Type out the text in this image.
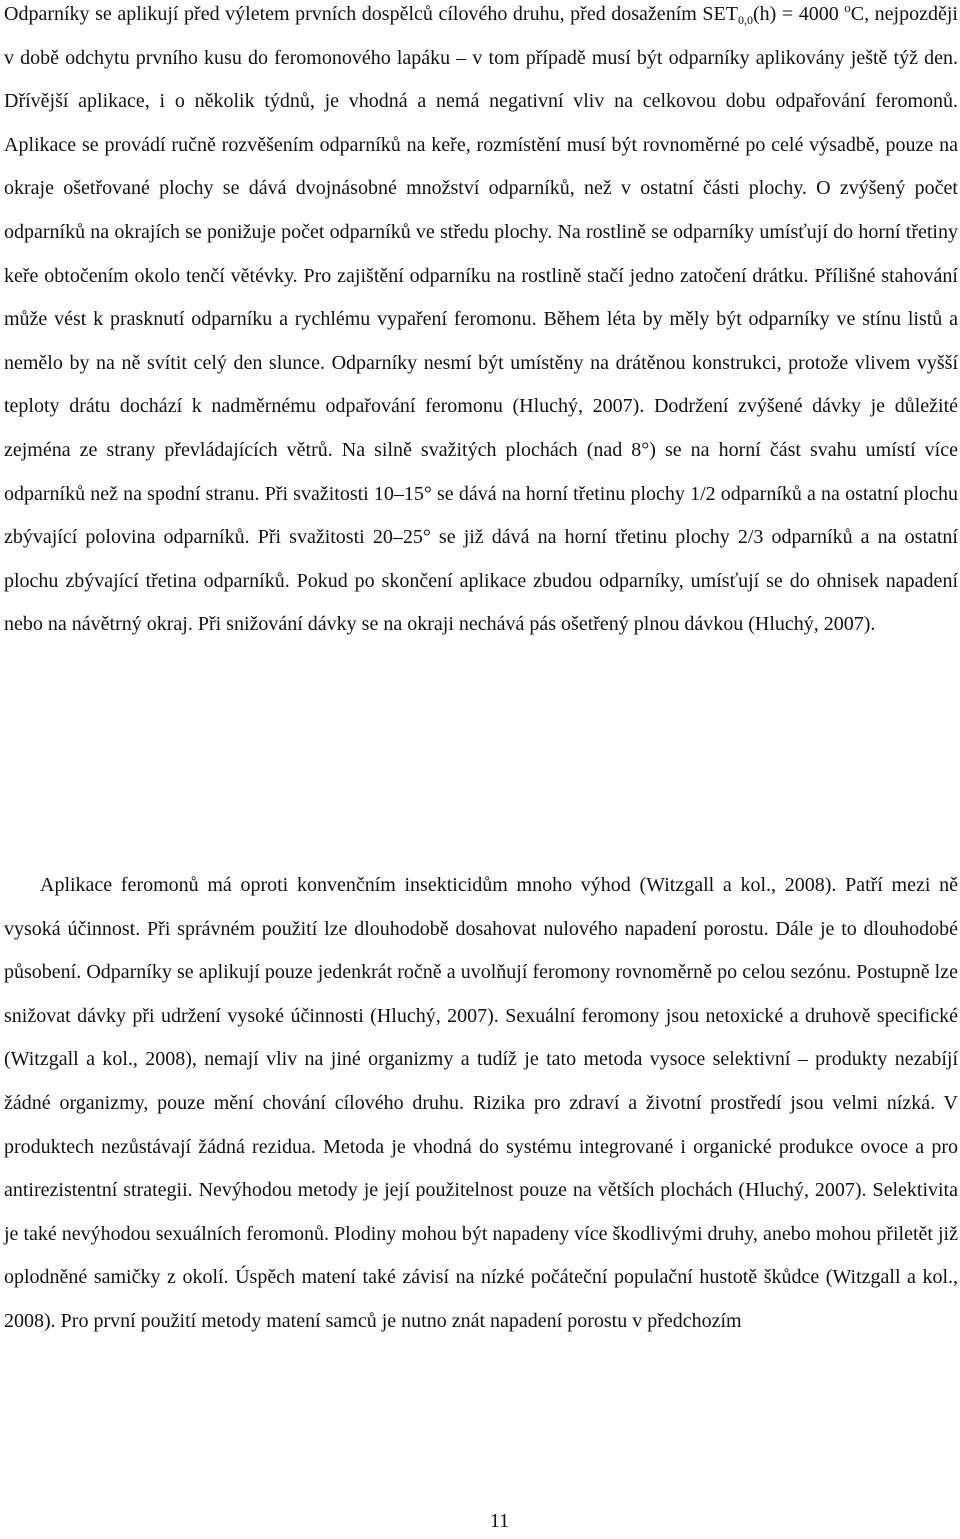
Odparníky se aplikují před výletem prvních dospělců cílového druhu, před dosažením $SET_{0,0}(h) = 4000$ $^o$C, nejpozději v době odchytu prvního kusu do feromonového lapáku – v tom případě musí být odparníky aplikovány ještě týž den. Dřívější aplikace, i o několik týdnů, je vhodná a nemá negativní vliv na celkovou dobu odpařování feromonů. Aplikace se provádí ručně rozvěšením odparníků na keře, rozmístění musí být rovnoměrné po celé výsadbě, pouze na okraje ošetřované plochy se dává dvojnásobné množství odparníků, než v ostatní části plochy. O zvýšený počet odparníků na okrajích se ponižuje počet odparníků ve středu plochy. Na rostlině se odparníky umísťují do horní třetiny keře obtočením okolo tenčí větévky. Pro zajištění odparníku na rostlině stačí jedno zatočení drátku. Přílišné stahování může vést k prasknutí odparníku a rychlému vypaření feromonu. Během léta by měly být odparníky ve stínu listů a nemělo by na ně svítit celý den slunce. Odparníky nesmí být umístěny na drátěnou konstrukci, protože vlivem vyšší teploty drátu dochází k nadměrnému odpařování feromonu (Hluchý, 2007). Dodržení zvýšené dávky je důležité zejména ze strany převládajících větrů. Na silně svažitých plochách (nad 8°) se na horní část svahu umístí více odparníků než na spodní stranu. Při svažitosti 10–15° se dává na horní třetinu plochy 1/2 odparníků a na ostatní plochu zbývající polovina odparníků. Při svažitosti 20–25° se již dává na horní třetinu plochy 2/3 odparníků a na ostatní plochu zbývající třetina odparníků. Pokud po skončení aplikace zbudou odparníky, umísťují se do ohnisek napadení nebo na návětrný okraj. Při snižování dávky se na okraji nechává pás ošetřený plnou dávkou (Hluchý, 2007).

Aplikace feromonů má oproti konvenčním insekticidům mnoho výhod (Witzgall a kol., 2008). Patří mezi ně vysoká účinnost. Při správném použití lze dlouhodobě dosahovat nulového napadení porostu. Dále je to dlouhodobé působení. Odparníky se aplikují pouze jedenkrát ročně a uvolňují feromony rovnoměrně po celou sezónu. Postupně lze snižovat dávky při udržení vysoké účinnosti (Hluchý, 2007). Sexuální feromony jsou netoxické a druhově specifické (Witzgall a kol., 2008), nemají vliv na jiné organizmy a tudíž je tato metoda vysoce selektivní – produkty nezabíjí žádné organizmy, pouze mění chování cílového druhu. Rizika pro zdraví a životní prostředí jsou velmi nízká. V produktech nezůstávají žádná rezidua. Metoda je vhodná do systému integrované i organické produkce ovoce a pro antirezistentní strategii. Nevýhodou metody je její použitelnost pouze na větších plochách (Hluchý, 2007). Selektivita je také nevýhodou sexuálních feromonů. Plodiny mohou být napadeny více škodlivými druhy, anebo mohou přiletět již oplodněné samičky z okolí. Úspěch matení také závisí na nízké počáteční populační hustotě škůdce (Witzgall a kol., 2008). Pro první použití metody matení samců je nutno znát napadení porostu v předchozím

11
